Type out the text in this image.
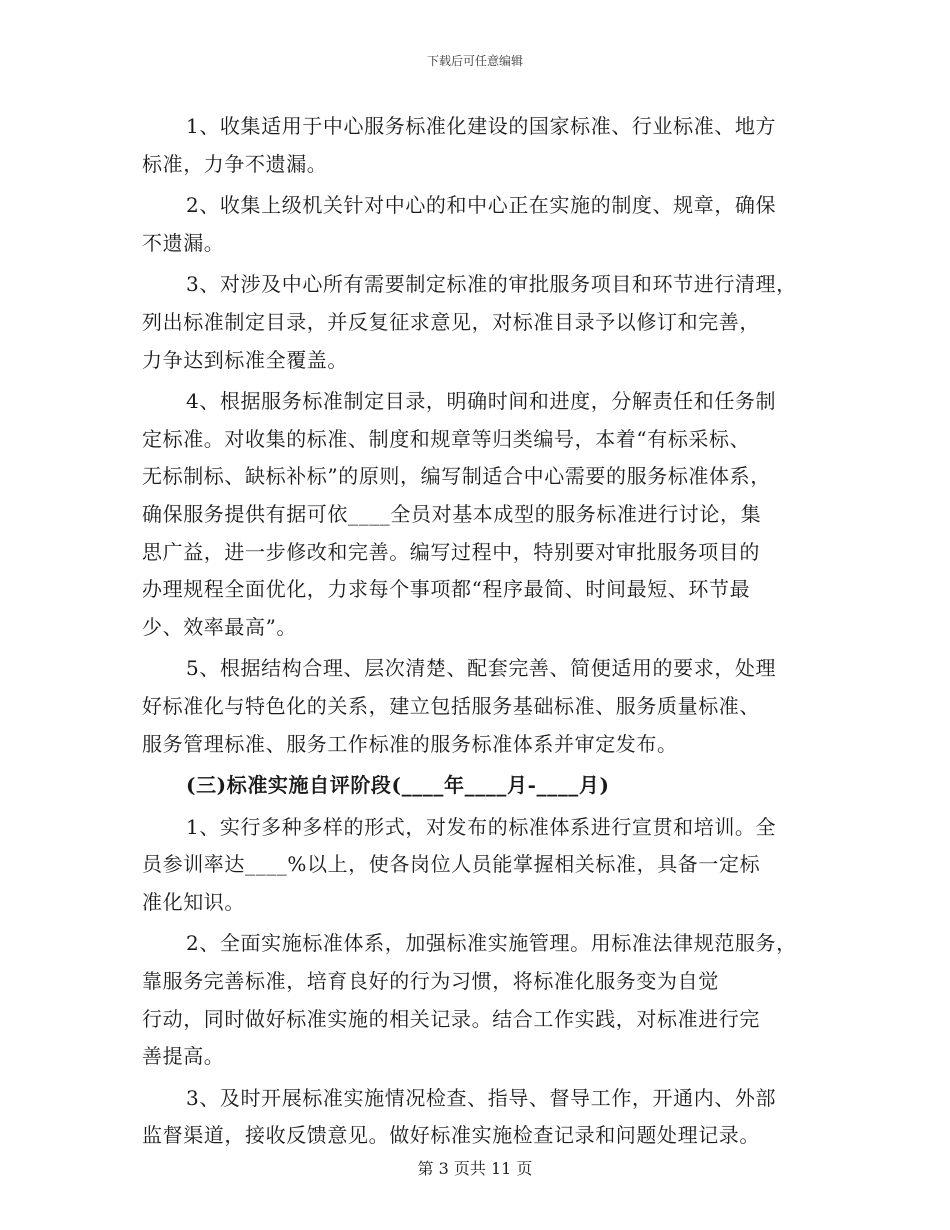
下载后可任意编辑
1、收集适用于中心服务标准化建设的国家标准、行业标准、地方
标准，力争不遗漏。
2、收集上级机关针对中心的和中心正在实施的制度、规章，确保
不遗漏。
3、对涉及中心所有需要制定标准的审批服务项目和环节进行清理，
列出标准制定目录，并反复征求意见，对标准目录予以修订和完善，
力争达到标准全覆盖。
4、根据服务标准制定目录，明确时间和进度，分解责任和任务制
定标准。对收集的标准、制度和规章等归类编号，本着“有标采标、
无标制标、缺标补标”的原则，编写制适合中心需要的服务标准体系，
确保服务提供有据可依____全员对基本成型的服务标准进行讨论，集
思广益，进一步修改和完善。编写过程中，特别要对审批服务项目的
办理规程全面优化，力求每个事项都“程序最简、时间最短、环节最
少、效率最高”。
5、根据结构合理、层次清楚、配套完善、简便适用的要求，处理
好标准化与特色化的关系，建立包括服务基础标准、服务质量标准、
服务管理标准、服务工作标准的服务标准体系并审定发布。
(三)标准实施自评阶段(____年____月-____月)
1、实行多种多样的形式，对发布的标准体系进行宣贯和培训。全
员参训率达____%以上，使各岗位人员能掌握相关标准，具备一定标
准化知识。
2、全面实施标准体系，加强标准实施管理。用标准法律规范服务，
靠服务完善标准，培育良好的行为习惯，将标准化服务变为自觉
行动，同时做好标准实施的相关记录。结合工作实践，对标准进行完
善提高。
3、及时开展标准实施情况检查、指导、督导工作，开通内、外部
监督渠道，接收反馈意见。做好标准实施检查记录和问题处理记录。
第 3 页共 11 页
